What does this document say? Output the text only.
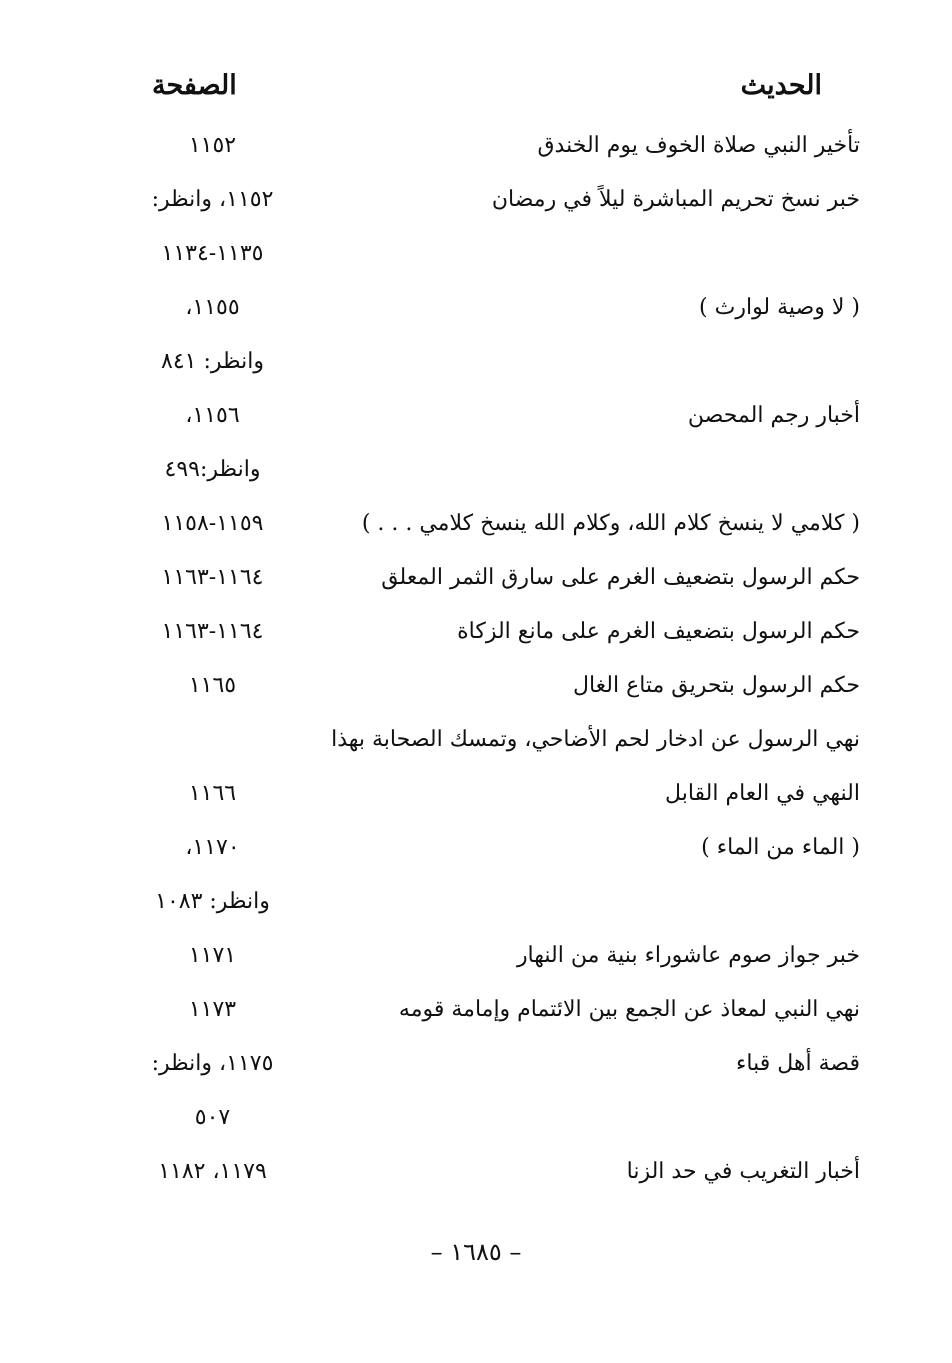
الحديث
الصفحة
تأخير النبي صلاة الخوف يوم الخندق
١١٥٢
خبر نسخ تحريم المباشرة ليلاً في رمضان
١١٥٢، وانظر:
١١٣٥-١١٣٤
( لا وصية لوارث )
١١٥٥،
وانظر: ٨٤١
أخبار رجم المحصن
١١٥٦،
وانظر:٤٩٩
( كلامي لا ينسخ كلام الله، وكلام الله ينسخ كلامي . . . )
١١٥٩-١١٥٨
حكم الرسول بتضعيف الغرم على سارق الثمر المعلق
١١٦٤-١١٦٣
حكم الرسول بتضعيف الغرم على مانع الزكاة
١١٦٤-١١٦٣
حكم الرسول بتحريق متاع الغال
١١٦٥
نهي الرسول عن ادخار لحم الأضاحي، وتمسك الصحابة بهذا
النهي في العام القابل
١١٦٦
( الماء من الماء )
١١٧٠،
وانظر: ١٠٨٣
خبر جواز صوم عاشوراء بنية من النهار
١١٧١
نهي النبي لمعاذ عن الجمع بين الائتمام وإمامة قومه
١١٧٣
قصة أهل قباء
١١٧٥، وانظر:
٥٠٧
أخبار التغريب في حد الزنا
١١٧٩، ١١٨٢
– ١٦٨٥ –
